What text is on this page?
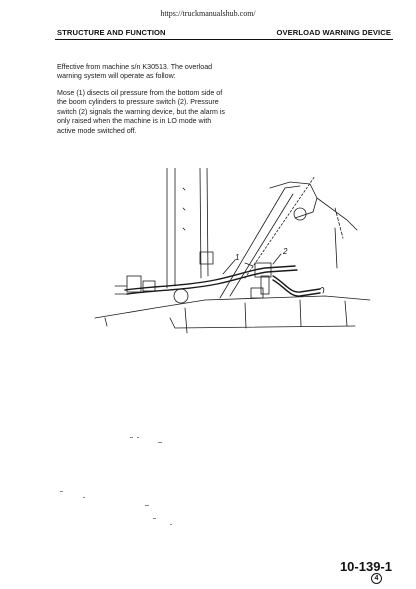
https://truckmanualshub.com/
STRUCTURE AND FUNCTION	OVERLOAD WARNING DEVICE
Effective from machine s/n K30513. The overload warning system will operate as follow:
Mose (1) disects oil pressure from the bottom side of the boom cylinders to pressure switch (2). Pressure switch (2) signals the warning device, but the alarm is only raised when the machine is in LO mode with active mode switched off.
1
2
10-139-1
4
